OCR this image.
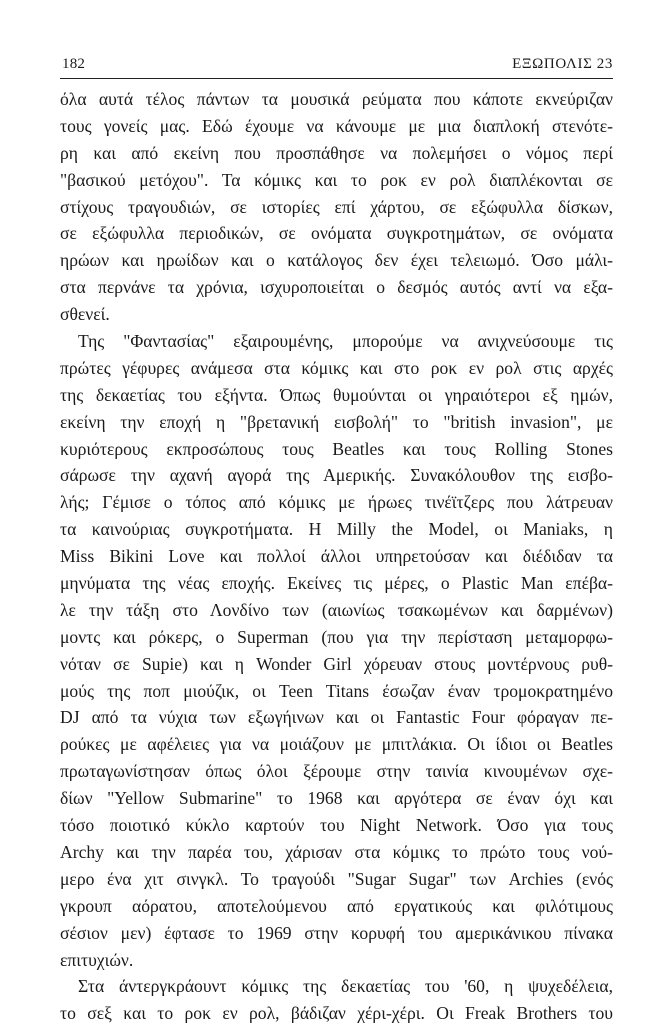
182	ΕΞΩΠΟΛΙΣ 23
όλα αυτά τέλος πάντων τα μουσικά ρεύματα που κάποτε εκνεύριζαν
τους γονείς μας. Εδώ έχουμε να κάνουμε με μια διαπλοκή στενότε-
ρη και από εκείνη που προσπάθησε να πολεμήσει ο νόμος περί
"βασικού μετόχου". Τα κόμικς και το ροκ εν ρολ διαπλέκονται σε
στίχους τραγουδιών, σε ιστορίες επί χάρτου, σε εξώφυλλα δίσκων,
σε εξώφυλλα περιοδικών, σε ονόματα συγκροτημάτων, σε ονόματα
ηρώων και ηρωίδων και ο κατάλογος δεν έχει τελειωμό. Όσο μάλι-
στα περνάνε τα χρόνια, ισχυροποιείται ο δεσμός αυτός αντί να εξα-
σθενεί.
Της "Φαντασίας" εξαιρουμένης, μπορούμε να ανιχνεύσουμε τις
πρώτες γέφυρες ανάμεσα στα κόμικς και στο ροκ εν ρολ στις αρχές
της δεκαετίας του εξήντα. Όπως θυμούνται οι γηραιότεροι εξ ημών,
εκείνη την εποχή η "βρετανική εισβολή" το "british invasion", με
κυριότερους εκπροσώπους τους Beatles και τους Rolling Stones
σάρωσε την αχανή αγορά της Αμερικής. Συνακόλουθον της εισβο-
λής; Γέμισε ο τόπος από κόμικς με ήρωες τινέϊτζερς που λάτρευαν
τα καινούριας συγκροτήματα. Η Milly the Model, οι Maniaks, η
Miss Bikini Love και πολλοί άλλοι υπηρετούσαν και διέδιδαν τα
μηνύματα της νέας εποχής. Εκείνες τις μέρες, ο Plastic Man επέβα-
λε την τάξη στο Λονδίνο των (αιωνίως τσακωμένων και δαρμένων)
μοντς και ρόκερς, ο Superman (που για την περίσταση μεταμορφω-
νόταν σε Supie) και η Wonder Girl χόρευαν στους μοντέρνους ρυθ-
μούς της ποπ μιούζικ, οι Teen Titans έσωζαν έναν τρομοκρατημένο
DJ από τα νύχια των εξωγήινων και οι Fantastic Four φόραγαν πε-
ρούκες με αφέλειες για να μοιάζουν με μπιτλάκια. Οι ίδιοι οι Beatles
πρωταγωνίστησαν όπως όλοι ξέρουμε στην ταινία κινουμένων σχε-
δίων "Yellow Submarine" το 1968 και αργότερα σε έναν όχι και
τόσο ποιοτικό κύκλο καρτούν του Night Network. Όσο για τους
Archy και την παρέα του, χάρισαν στα κόμικς το πρώτο τους νού-
μερο ένα χιτ σινγκλ. Το τραγούδι "Sugar Sugar" των Archies (ενός
γκρουπ αόρατου, αποτελούμενου από εργατικούς και φιλότιμους
σέσιον μεν) έφτασε το 1969 στην κορυφή του αμερικάνικου πίνακα
επιτυχιών.
Στα άντεργκράουντ κόμικς της δεκαετίας του '60, η ψυχεδέλεια,
το σεξ και το ροκ εν ρολ, βάδιζαν χέρι-χέρι. Οι Freak Brothers του
